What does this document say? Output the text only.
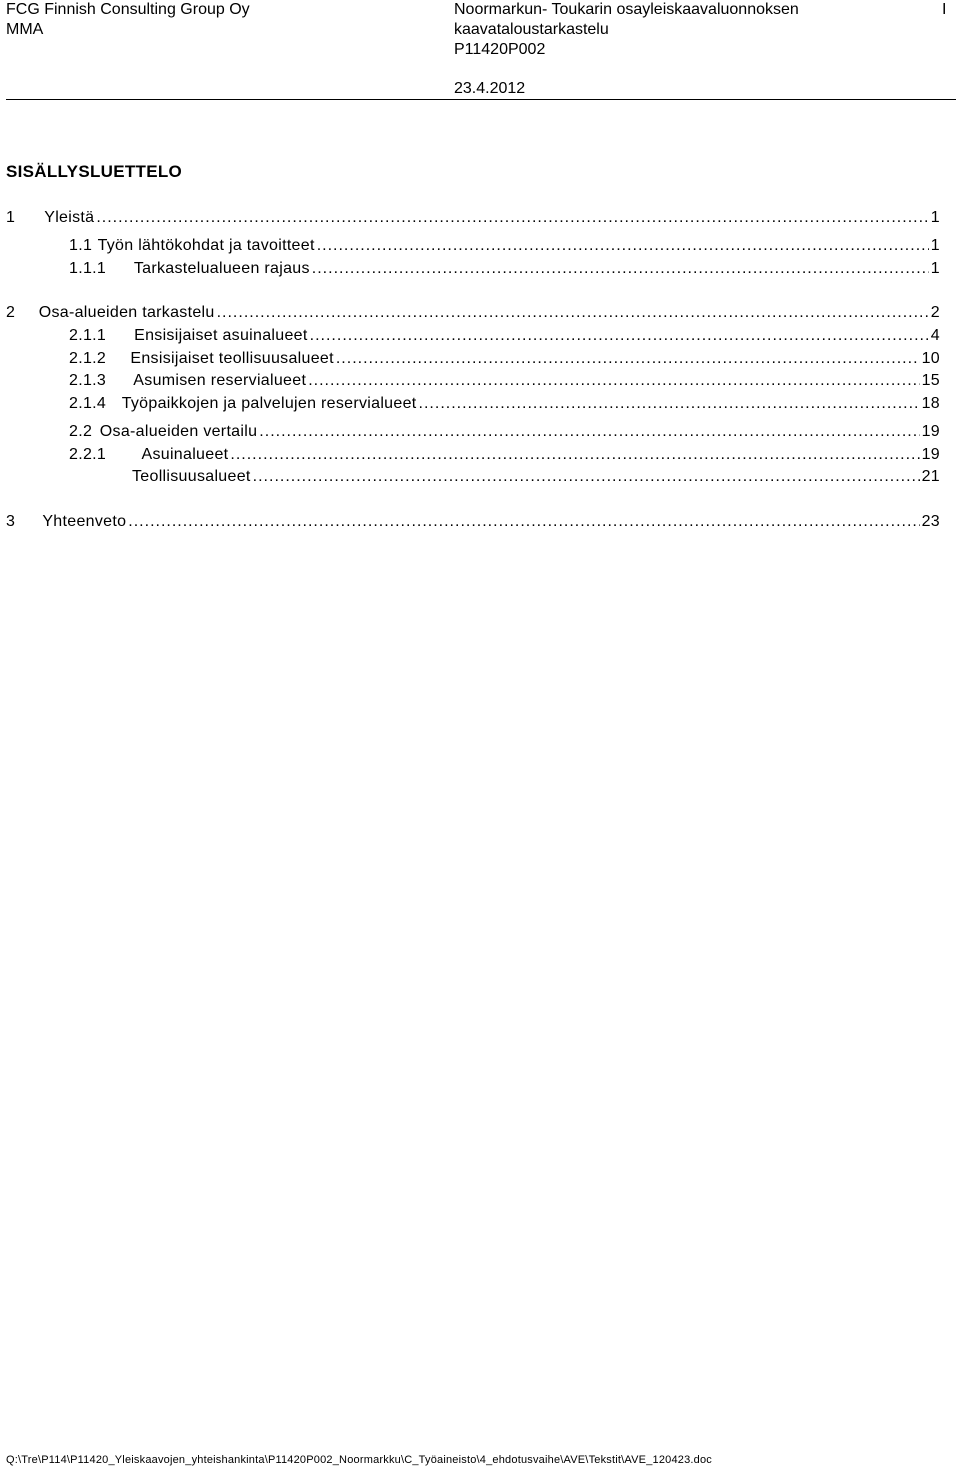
FCG Finnish Consulting Group Oy
MMA
Noormarkun- Toukarin osayleiskaavaluonnoksen
kaavataloustarkastelu
P11420P002
23.4.2012
I
SISÄLLYSLUETTELO
1	Yleistä .....	1
1.1 Työn lähtökohdat ja tavoitteet .....	1
1.1.1	Tarkastelualueen rajaus .....	1
2	Osa-alueiden tarkastelu .....	2
2.1.1	Ensisijaiset asuinalueet .....	4
2.1.2	Ensisijaiset teollisuusalueet .....	10
2.1.3	Asumisen reservialueet .....	15
2.1.4 Työpaikkojen ja palvelujen reservialueet .....	18
2.2 Osa-alueiden vertailu .....	19
2.2.1	Asuinalueet .....	19
Teollisuusalueet .....	21
3	Yhteenveto .....	23
Q:\Tre\P114\P11420_Yleiskaavojen_yhteishankinta\P11420P002_Noormarkku\C_Työaineisto\4_ehdotusvaihe\AVE\Tekstit\AVE_120423.doc
